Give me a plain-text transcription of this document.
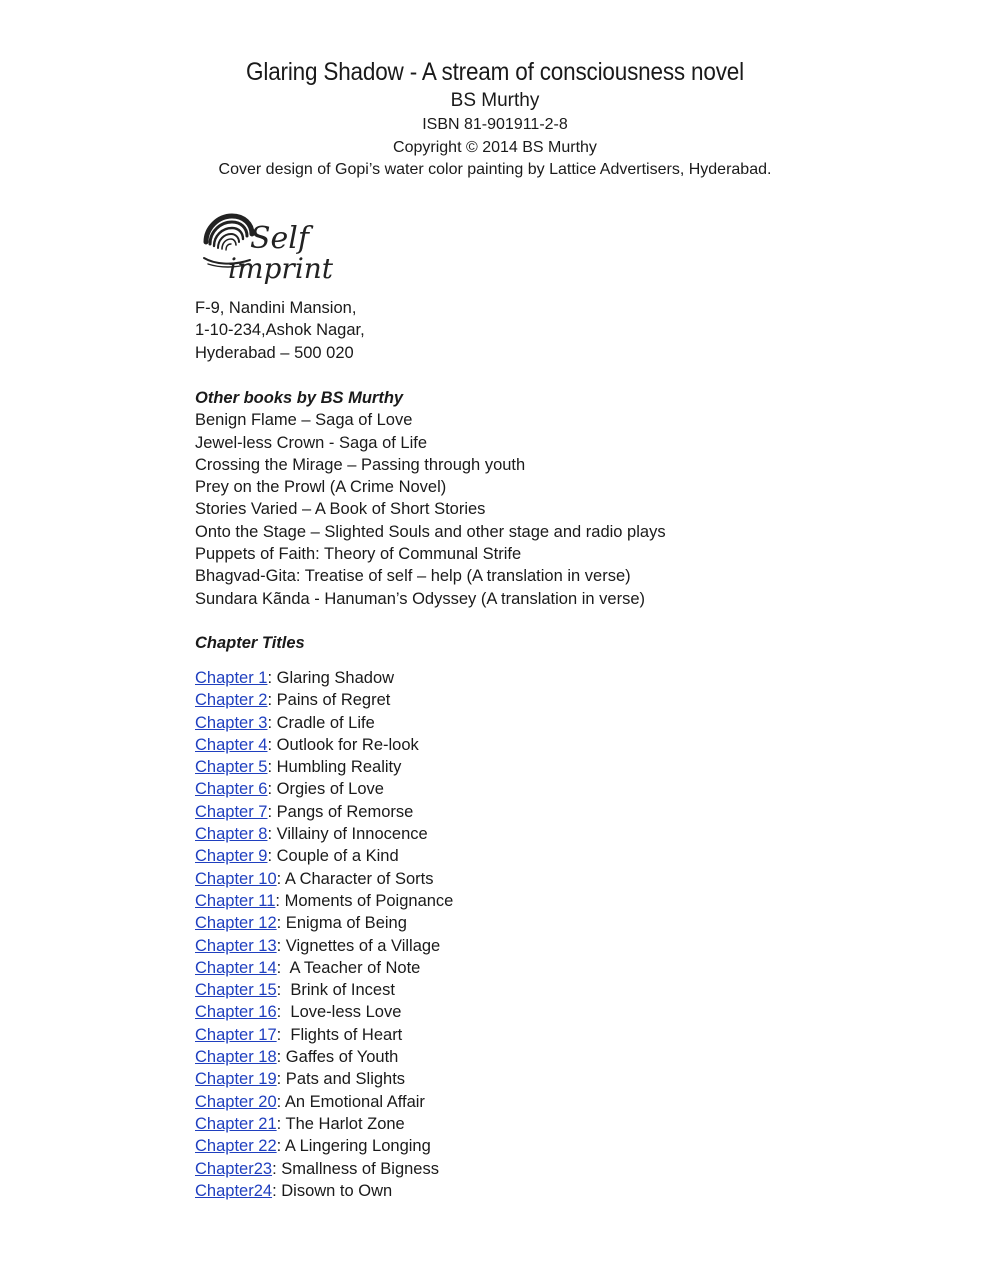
Glaring Shadow - A stream of consciousness novel
BS Murthy
ISBN 81-901911-2-8
Copyright © 2014 BS Murthy
Cover design of Gopi’s water color painting by Lattice Advertisers, Hyderabad.
Self
imprint
F-9, Nandini Mansion,
1-10-234,Ashok Nagar,
Hyderabad – 500 020
Other books by BS Murthy
Benign Flame – Saga of Love
Jewel-less Crown - Saga of Life
Crossing the Mirage – Passing through youth
Prey on the Prowl (A Crime Novel)
Stories Varied – A Book of Short Stories
Onto the Stage – Slighted Souls and other stage and radio plays
Puppets of Faith: Theory of Communal Strife
Bhagvad-Gita: Treatise of self – help (A translation in verse)
Sundara Kãnda - Hanuman’s Odyssey (A translation in verse)
Chapter Titles
Chapter 1: Glaring Shadow
Chapter 2: Pains of Regret
Chapter 3: Cradle of Life
Chapter 4: Outlook for Re-look
Chapter 5: Humbling Reality
Chapter 6: Orgies of Love
Chapter 7: Pangs of Remorse
Chapter 8: Villainy of Innocence
Chapter 9: Couple of a Kind
Chapter 10: A Character of Sorts
Chapter 11: Moments of Poignance
Chapter 12: Enigma of Being
Chapter 13: Vignettes of a Village
Chapter 14:  A Teacher of Note
Chapter 15:  Brink of Incest
Chapter 16:  Love-less Love
Chapter 17:  Flights of Heart
Chapter 18: Gaffes of Youth
Chapter 19: Pats and Slights
Chapter 20: An Emotional Affair
Chapter 21: The Harlot Zone
Chapter 22: A Lingering Longing
Chapter23: Smallness of Bigness
Chapter24: Disown to Own
